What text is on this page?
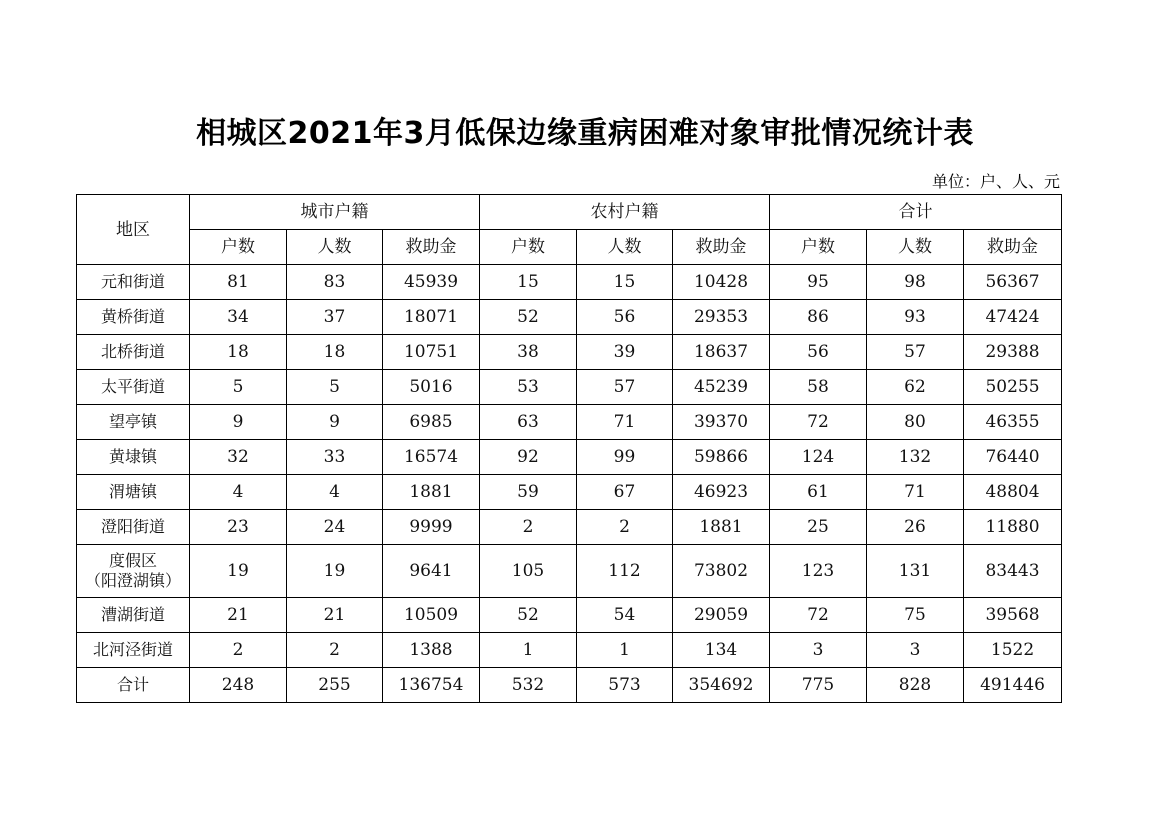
相城区2021年3月低保边缘重病困难对象审批情况统计表
单位：户、人、元
地区	城市户籍			农村户籍			合计		
	户数	人数	救助金	户数	人数	救助金	户数	人数	救助金

元和街道	81	83	45939	15	15	10428	95	98	56367

黄桥街道	34	37	18071	52	56	29353	86	93	47424

北桥街道	18	18	10751	38	39	18637	56	57	29388

太平街道	5	5	5016	53	57	45239	58	62	50255

望亭镇	9	9	6985	63	71	39370	72	80	46355

黄埭镇	32	33	16574	92	99	59866	124	132	76440

渭塘镇	4	4	1881	59	67	46923	61	71	48804

澄阳街道	23	24	9999	2	2	1881	25	26	11880

度假区
（阳澄湖镇）	19	19	9641	105	112	73802	123	131	83443

漕湖街道	21	21	10509	52	54	29059	72	75	39568

北河泾街道	2	2	1388	1	1	134	3	3	1522
合计	248	255	136754	532	573	354692	775	828	491446
